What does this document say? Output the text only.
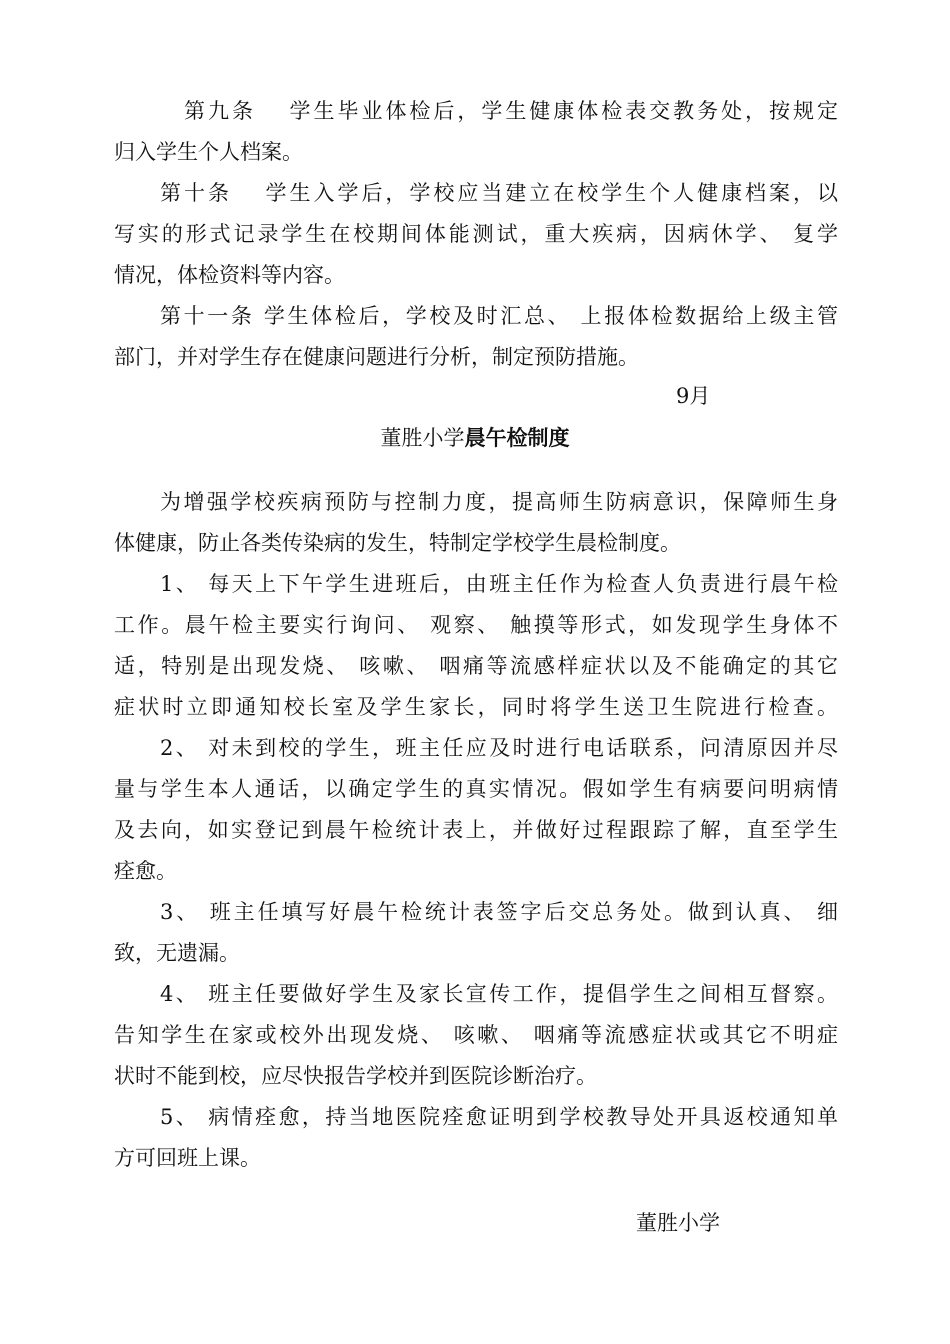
第九条　 学生毕业体检后，学生健康体检表交教务处，按规定
归入学生个人档案。
第十条　 学生入学后，学校应当建立在校学生个人健康档案，以
写实的形式记录学生在校期间体能测试，重大疾病，因病休学、 复学
情况，体检资料等内容。
第十一条 学生体检后，学校及时汇总、 上报体检数据给上级主管
部门，并对学生存在健康问题进行分析，制定预防措施。
9月
董胜小学晨午检制度
为增强学校疾病预防与控制力度，提高师生防病意识，保障师生身
体健康，防止各类传染病的发生，特制定学校学生晨检制度。
1、 每天上下午学生进班后，由班主任作为检查人负责进行晨午检
工作。晨午检主要实行询问、 观察、 触摸等形式，如发现学生身体不
适，特别是出现发烧、 咳嗽、 咽痛等流感样症状以及不能确定的其它
症状时立即通知校长室及学生家长，同时将学生送卫生院进行检查。
2、 对未到校的学生，班主任应及时进行电话联系，问清原因并尽
量与学生本人通话，以确定学生的真实情况。假如学生有病要问明病情
及去向，如实登记到晨午检统计表上，并做好过程跟踪了解，直至学生
痊愈。
3、 班主任填写好晨午检统计表签字后交总务处。做到认真、 细
致，无遗漏。
4、 班主任要做好学生及家长宣传工作，提倡学生之间相互督察。
告知学生在家或校外出现发烧、 咳嗽、 咽痛等流感症状或其它不明症
状时不能到校，应尽快报告学校并到医院诊断治疗。
5、 病情痊愈，持当地医院痊愈证明到学校教导处开具返校通知单
方可回班上课。
董胜小学
